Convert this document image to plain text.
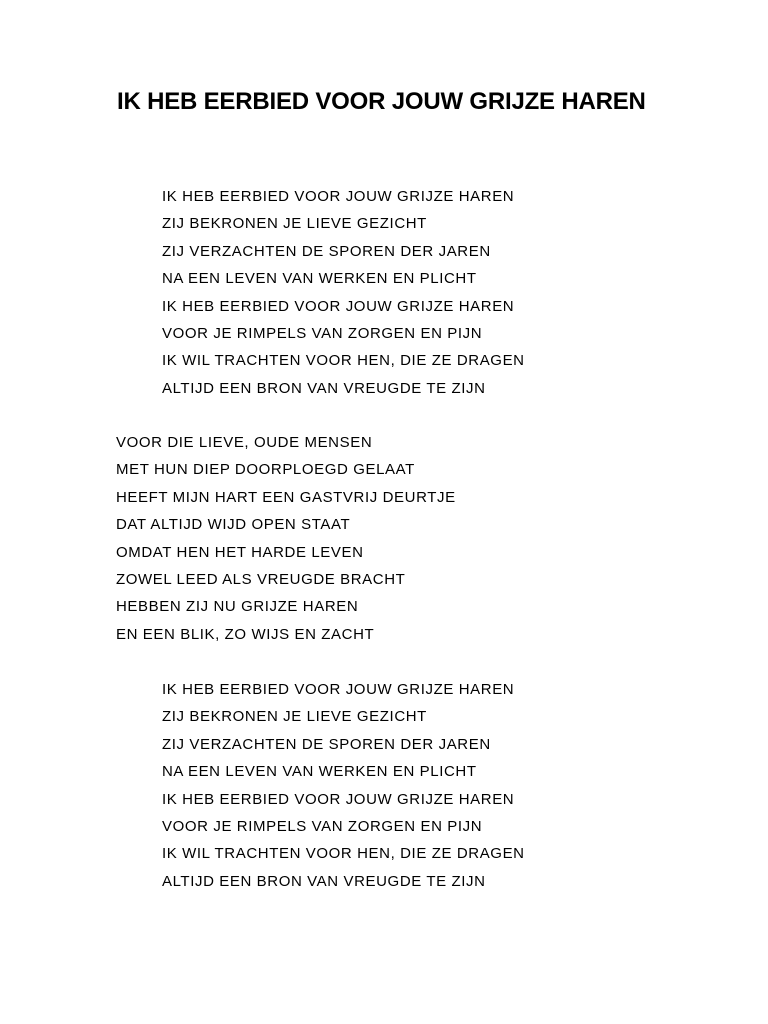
IK HEB EERBIED VOOR JOUW GRIJZE HAREN
IK HEB EERBIED VOOR JOUW GRIJZE HAREN
ZIJ BEKRONEN JE LIEVE GEZICHT
ZIJ VERZACHTEN DE SPOREN DER JAREN
NA EEN LEVEN VAN WERKEN EN PLICHT
IK HEB EERBIED VOOR JOUW GRIJZE HAREN
VOOR JE RIMPELS VAN ZORGEN EN PIJN
IK WIL TRACHTEN VOOR HEN, DIE ZE DRAGEN
ALTIJD EEN BRON VAN VREUGDE TE ZIJN
VOOR DIE LIEVE, OUDE MENSEN
MET HUN DIEP DOORPLOEGD GELAAT
HEEFT MIJN HART EEN GASTVRIJ DEURTJE
DAT ALTIJD WIJD OPEN STAAT
OMDAT HEN HET HARDE LEVEN
ZOWEL LEED ALS VREUGDE BRACHT
HEBBEN ZIJ NU GRIJZE HAREN
EN EEN BLIK, ZO WIJS EN ZACHT
IK HEB EERBIED VOOR JOUW GRIJZE HAREN
ZIJ BEKRONEN JE LIEVE GEZICHT
ZIJ VERZACHTEN DE SPOREN DER JAREN
NA EEN LEVEN VAN WERKEN EN PLICHT
IK HEB EERBIED VOOR JOUW GRIJZE HAREN
VOOR JE RIMPELS VAN ZORGEN EN PIJN
IK WIL TRACHTEN VOOR HEN, DIE ZE DRAGEN
ALTIJD EEN BRON VAN VREUGDE TE ZIJN
